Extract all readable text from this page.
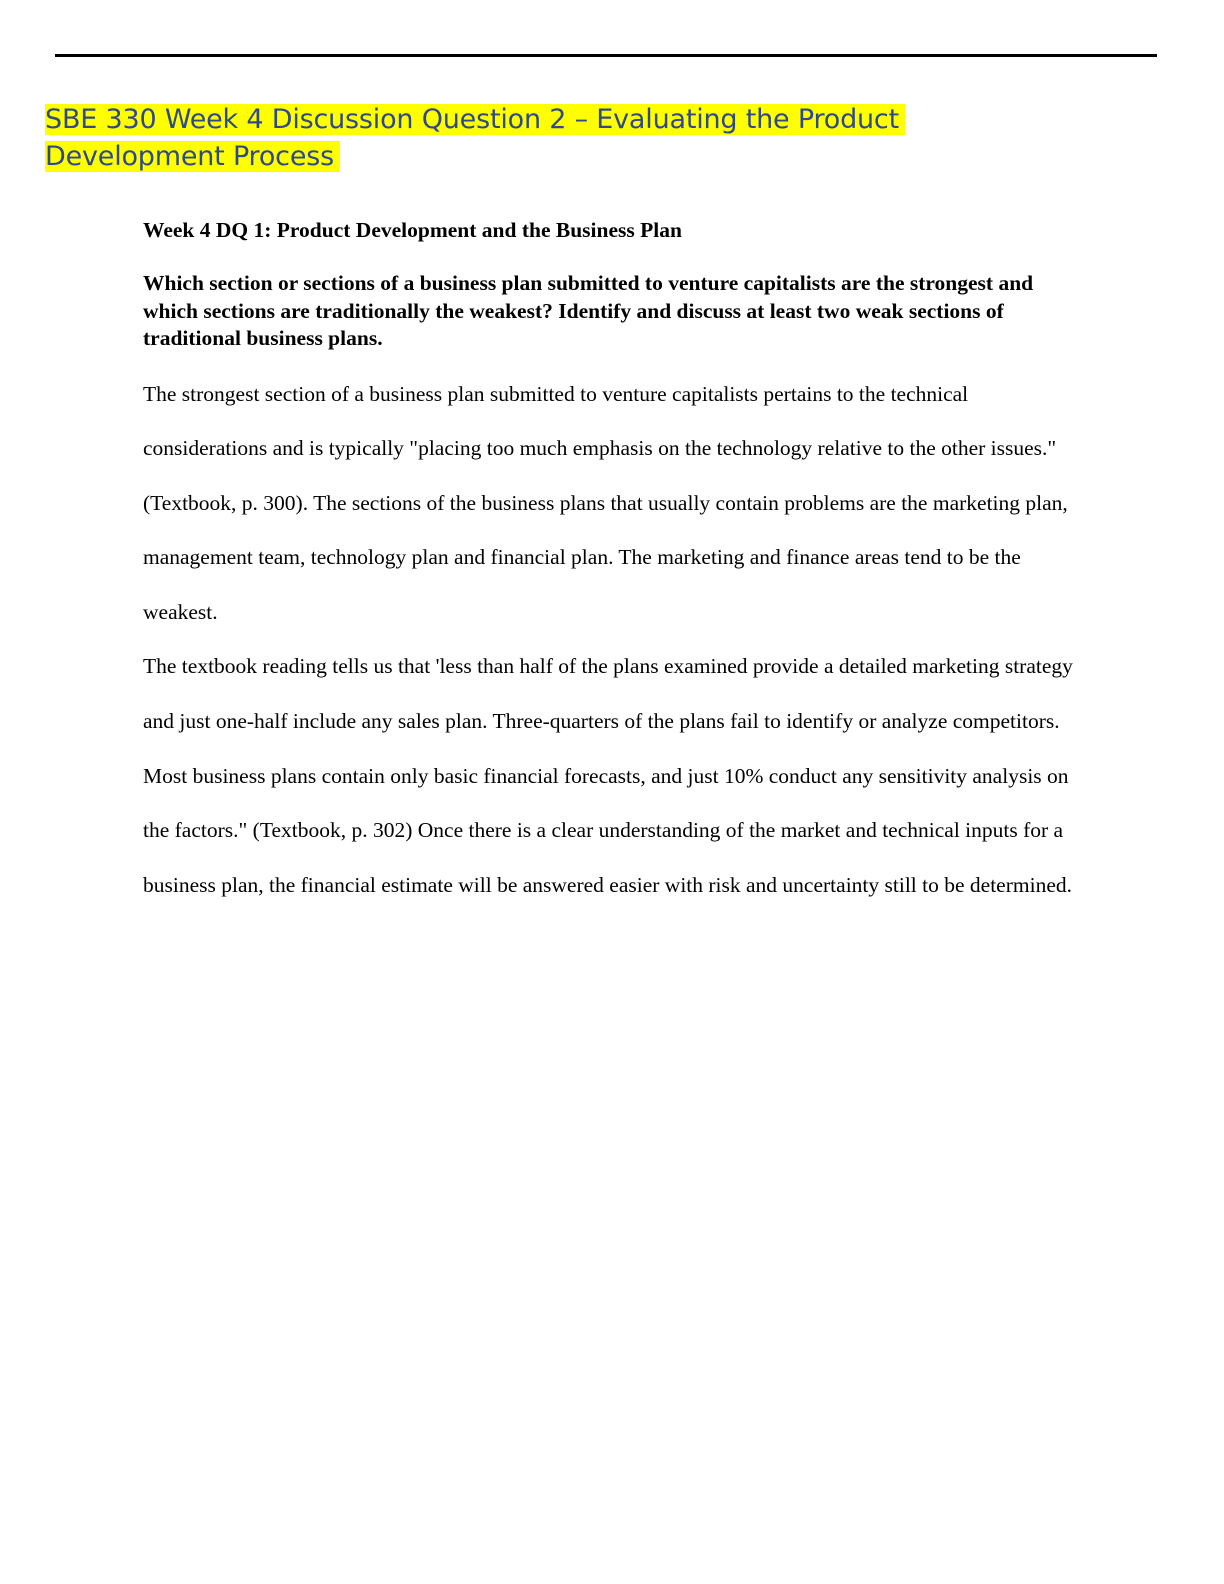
SBE 330 Week 4 Discussion Question 2 – Evaluating the Product
Development Process

Week 4 DQ 1: Product Development and the Business Plan

Which section or sections of a business plan submitted to venture capitalists are the strongest and which sections are traditionally the weakest? Identify and discuss at least two weak sections of traditional business plans.

The strongest section of a business plan submitted to venture capitalists pertains to the technical considerations and is typically "placing too much emphasis on the technology relative to the other issues." (Textbook, p. 300). The sections of the business plans that usually contain problems are the marketing plan, management team, technology plan and financial plan. The marketing and finance areas tend to be the weakest.

The textbook reading tells us that 'less than half of the plans examined provide a detailed marketing strategy and just one-half include any sales plan. Three-quarters of the plans fail to identify or analyze competitors. Most business plans contain only basic financial forecasts, and just 10% conduct any sensitivity analysis on the factors." (Textbook, p. 302) Once there is a clear understanding of the market and technical inputs for a business plan, the financial estimate will be answered easier with risk and uncertainty still to be determined.
